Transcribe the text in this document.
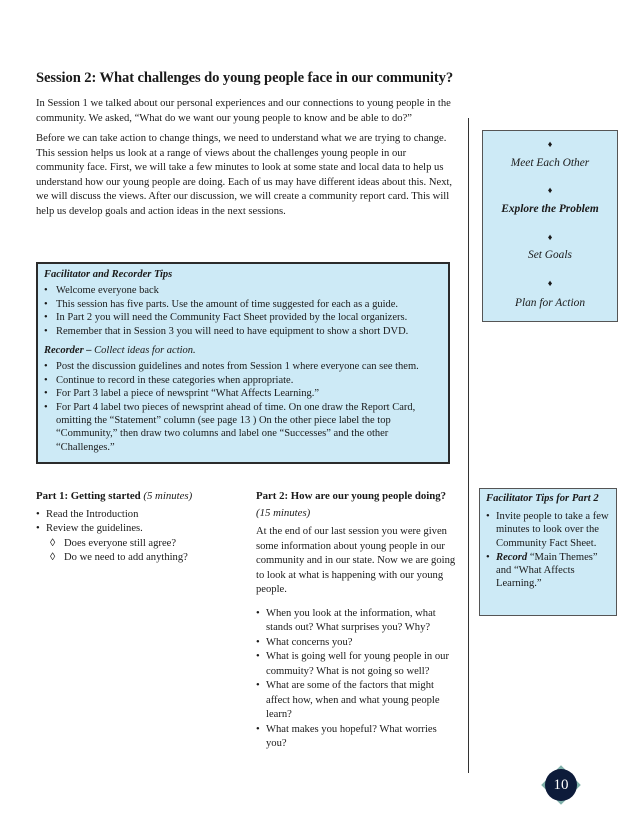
Session 2: What challenges do young people face in our community?

In Session 1 we talked about our personal experiences and our connections to young people in the community. We asked, “What do we want our young people to know and be able to do?”

Before we can take action to change things, we need to understand what we are trying to change. This session helps us look at a range of views about the challenges young people in our community face. First, we will take a few minutes to look at some state and local data to help us understand how our young people are doing. Each of us may have different ideas about this. Next, we will discuss the views. After our discussion, we will create a community report card. This will help us develop goals and action ideas in the next sessions.

Facilitator and Recorder Tips
• Welcome everyone back
• This session has five parts. Use the amount of time suggested for each as a guide.
• In Part 2 you will need the Community Fact Sheet provided by the local organizers.
• Remember that in Session 3 you will need to have equipment to show a short DVD.
Recorder – Collect ideas for action.
• Post the discussion guidelines and notes from Session 1 where everyone can see them.
• Continue to record in these categories when appropriate.
• For Part 3 label a piece of newsprint “What Affects Learning.”
• For Part 4 label two pieces of newsprint ahead of time. On one draw the Report Card, omitting the “Statement” column (see page 13 ) On the other piece label the top “Community,” then draw two columns and label one “Successes” and the other “Challenges.”
♦
Meet Each Other
♦
Explore the Problem
♦
Set Goals
♦
Plan for Action
Part 1: Getting started (5 minutes)
• Read the Introduction
• Review the guidelines.
◊ Does everyone still agree?
◊ Do we need to add anything?
Part 2: How are our young people doing? (15 minutes)

At the end of our last session you were given some information about young people in our community and in our state. Now we are going to look at what is happening with our young people.

• When you look at the information, what stands out? What surprises you? Why?
• What concerns you?
• What is going well for young people in our commuity? What is not going so well?
• What are some of the factors that might affect how, when and what young people learn?
• What makes you hopeful? What worries you?
Facilitator Tips for Part 2
• Invite people to take a few minutes to look over the Community Fact Sheet.
• Record “Main Themes” and “What Affects Learning.”
10
